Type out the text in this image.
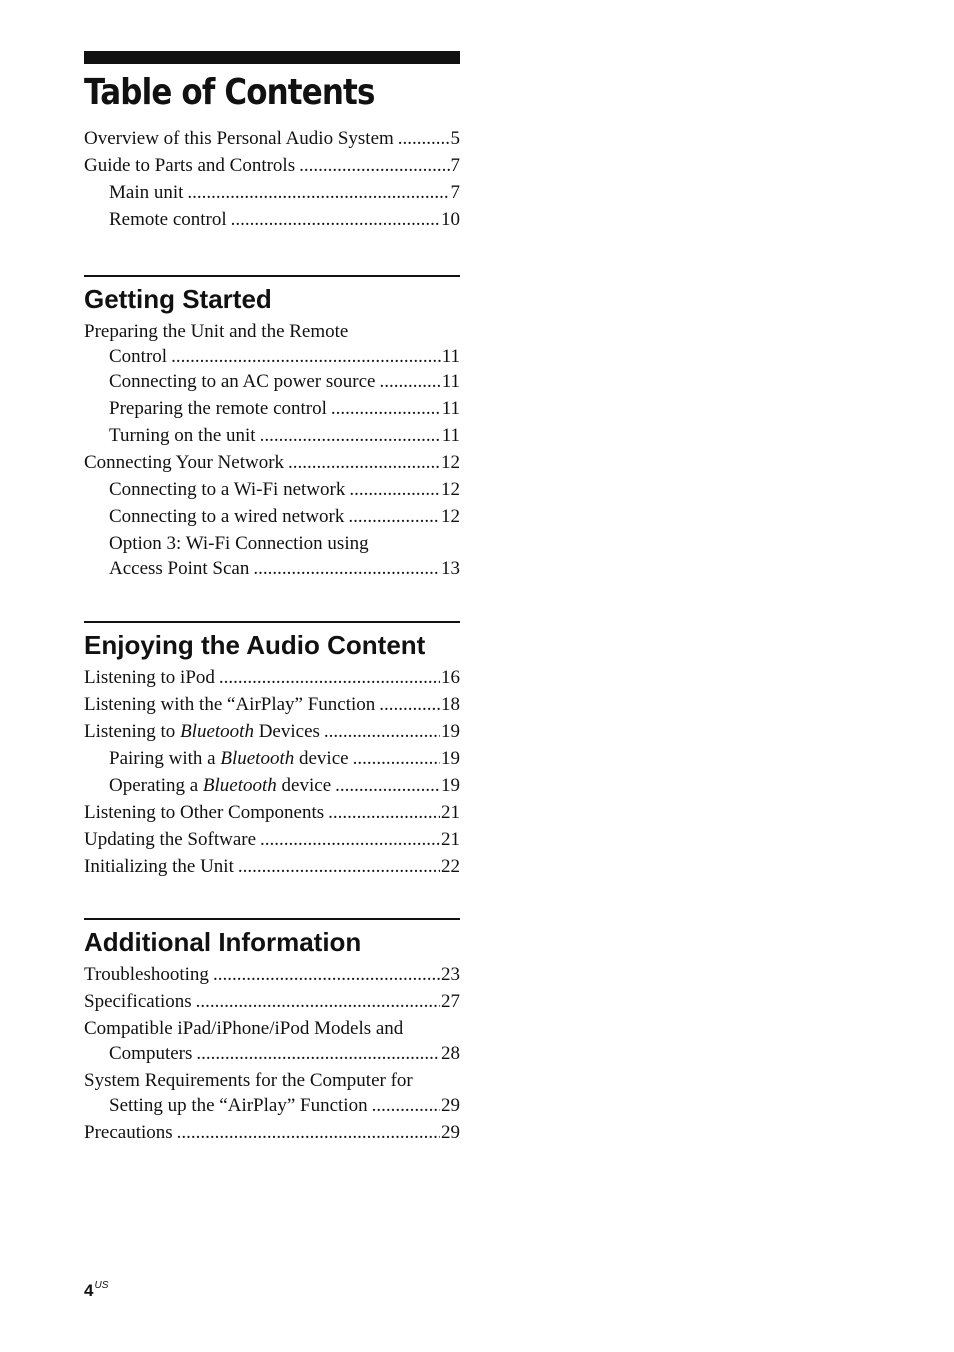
Table of Contents
Overview of this Personal Audio System .....	5
Guide to Parts and Controls .....	7
Main unit .....	7
Remote control .....	10
Getting Started
Preparing the Unit and the Remote
Control .....	11
Connecting to an AC power source .....	11
Preparing the remote control .....	11
Turning on the unit .....	11
Connecting Your Network .....	12
Connecting to a Wi-Fi network .....	12
Connecting to a wired network .....	12
Option 3: Wi-Fi Connection using
Access Point Scan .....	13
Enjoying the Audio Content
Listening to iPod .....	16
Listening with the “AirPlay” Function .....	18
Listening to Bluetooth Devices .....	19
Pairing with a Bluetooth device .....	19
Operating a Bluetooth device .....	19
Listening to Other Components .....	21
Updating the Software .....	21
Initializing the Unit .....	22
Additional Information
Troubleshooting .....	23
Specifications .....	27
Compatible iPad/iPhone/iPod Models and
Computers .....	28
System Requirements for the Computer for
Setting up the “AirPlay” Function .....	29
Precautions .....	29
$4^{US}$
